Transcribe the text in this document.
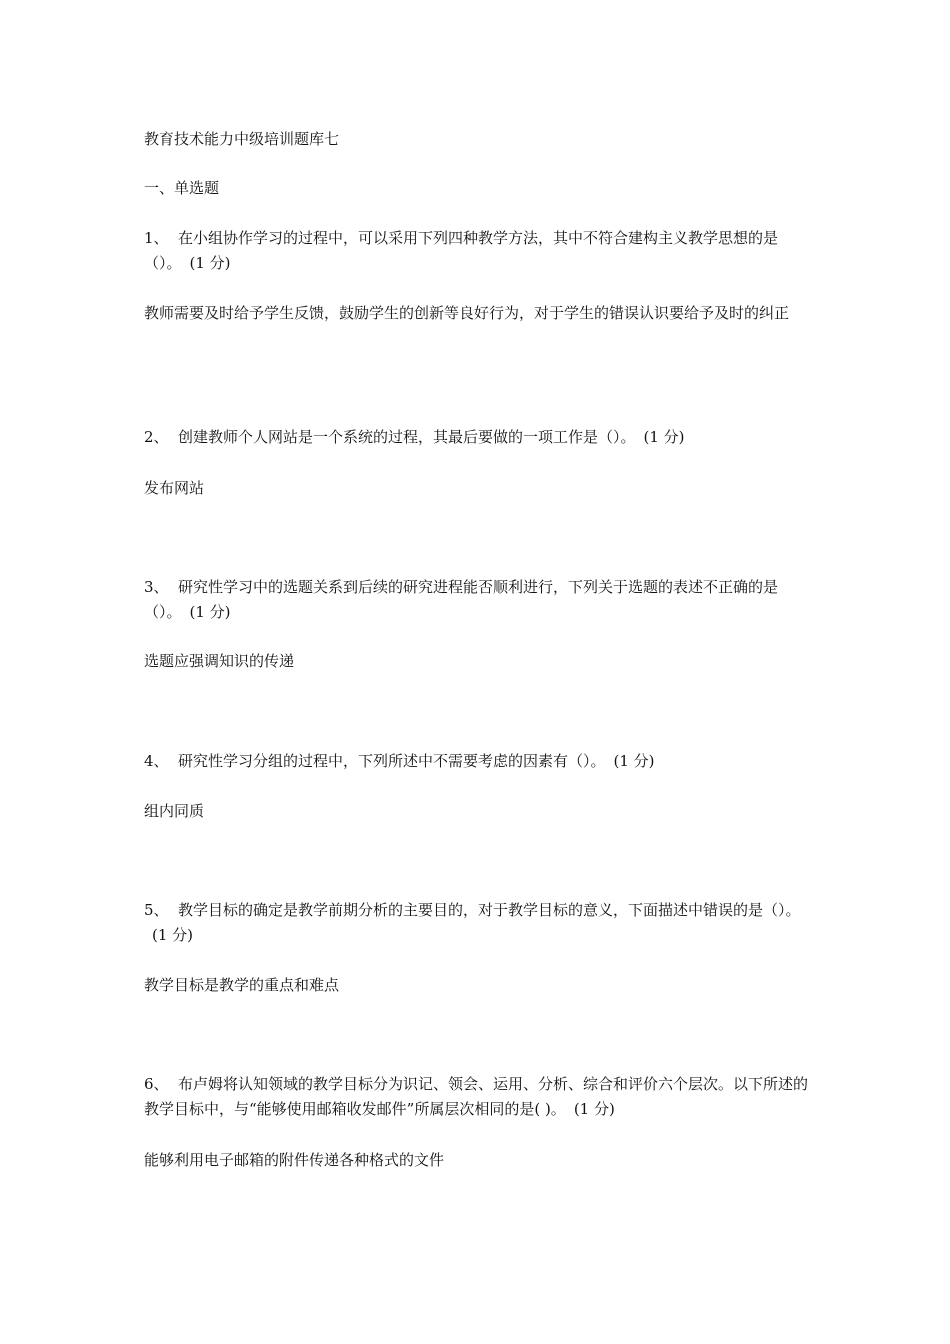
教育技术能力中级培训题库七
一、单选题
1、 在小组协作学习的过程中，可以采用下列四种教学方法，其中不符合建构主义教学思想的是（）。 (1 分)
教师需要及时给予学生反馈，鼓励学生的创新等良好行为，对于学生的错误认识要给予及时的纠正
2、 创建教师个人网站是一个系统的过程，其最后要做的一项工作是（）。 (1 分)
发布网站
3、 研究性学习中的选题关系到后续的研究进程能否顺利进行，下列关于选题的表述不正确的是（）。 (1 分)
选题应强调知识的传递
4、 研究性学习分组的过程中，下列所述中不需要考虑的因素有（）。 (1 分)
组内同质
5、 教学目标的确定是教学前期分析的主要目的，对于教学目标的意义，下面描述中错误的是（）。(1 分)
教学目标是教学的重点和难点
6、 布卢姆将认知领域的教学目标分为识记、领会、运用、分析、综合和评价六个层次。以下所述的教学目标中，与“能够使用邮箱收发邮件”所属层次相同的是( )。 (1 分)
能够利用电子邮箱的附件传递各种格式的文件
